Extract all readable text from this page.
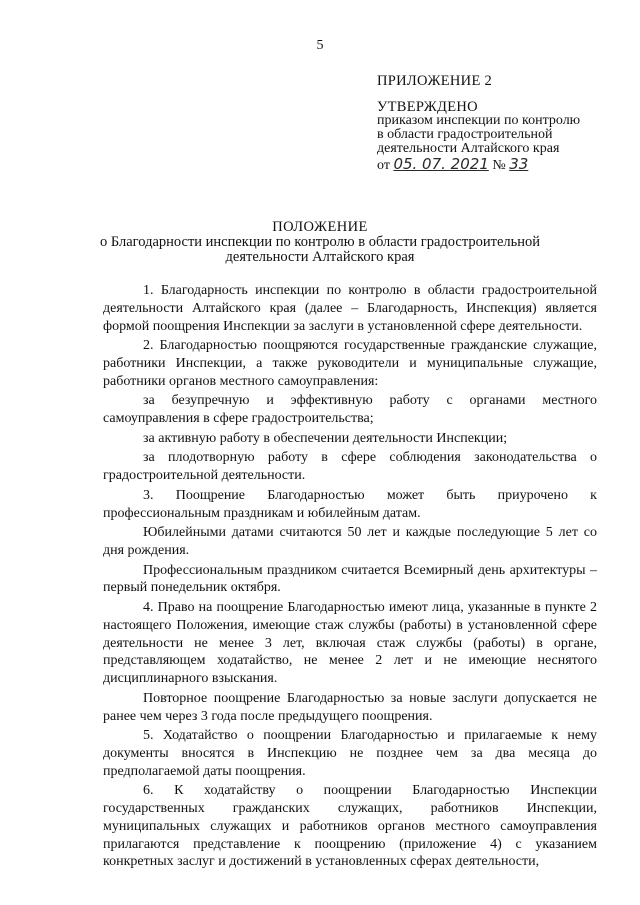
5
ПРИЛОЖЕНИЕ 2
УТВЕРЖДЕНО
приказом инспекции по контролю
в области градостроительной
деятельности Алтайского края
от 05. 07. 2021 № 33
ПОЛОЖЕНИЕ
о Благодарности инспекции по контролю в области градостроительной
деятельности Алтайского края

1. Благодарность инспекции по контролю в области градостроительной деятельности Алтайского края (далее – Благодарность, Инспекция) является формой поощрения Инспекции за заслуги в установленной сфере деятельности.

2. Благодарностью поощряются государственные гражданские служащие, работники Инспекции, а также руководители и муниципальные служащие, работники органов местного самоуправления:

за безупречную и эффективную работу с органами местного самоуправления в сфере градостроительства;

за активную работу в обеспечении деятельности Инспекции;

за плодотворную работу в сфере соблюдения законодательства о градостроительной деятельности.

3. Поощрение Благодарностью может быть приурочено к профессиональным праздникам и юбилейным датам.

Юбилейными датами считаются 50 лет и каждые последующие 5 лет со дня рождения.

Профессиональным праздником считается Всемирный день архитектуры – первый понедельник октября.

4. Право на поощрение Благодарностью имеют лица, указанные в пункте 2 настоящего Положения, имеющие стаж службы (работы) в установленной сфере деятельности не менее 3 лет, включая стаж службы (работы) в органе, представляющем ходатайство, не менее 2 лет и не имеющие неснятого дисциплинарного взыскания.

Повторное поощрение Благодарностью за новые заслуги допускается не ранее чем через 3 года после предыдущего поощрения.

5. Ходатайство о поощрении Благодарностью и прилагаемые к нему документы вносятся в Инспекцию не позднее чем за два месяца до предполагаемой даты поощрения.

6. К ходатайству о поощрении Благодарностью Инспекции государственных гражданских служащих, работников Инспекции, муниципальных служащих и работников органов местного самоуправления прилагаются представление к поощрению (приложение 4) с указанием конкретных заслуг и достижений в установленных сферах деятельности,
